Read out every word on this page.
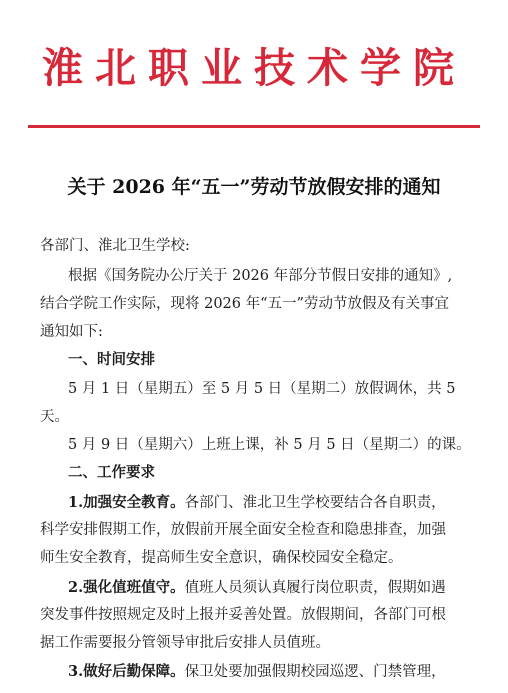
淮北职业技术学院
关于 2026 年“五一”劳动节放假安排的通知
各部门、淮北卫生学校:
根据《国务院办公厅关于 2026 年部分节假日安排的通知》,
结合学院工作实际，现将 2026 年“五一”劳动节放假及有关事宜
通知如下:
一、时间安排
5 月 1 日（星期五）至 5 月 5 日（星期二）放假调休，共 5
天。
5 月 9 日（星期六）上班上课，补 5 月 5 日（星期二）的课。
二、工作要求
1.加强安全教育。各部门、淮北卫生学校要结合各自职责，
科学安排假期工作，放假前开展全面安全检查和隐患排查，加强
师生安全教育，提高师生安全意识，确保校园安全稳定。
2.强化值班值守。值班人员须认真履行岗位职责，假期如遇
突发事件按照规定及时上报并妥善处置。放假期间，各部门可根
据工作需要报分管领导审批后安排人员值班。
3.做好后勤保障。保卫处要加强假期校园巡逻、门禁管理，
